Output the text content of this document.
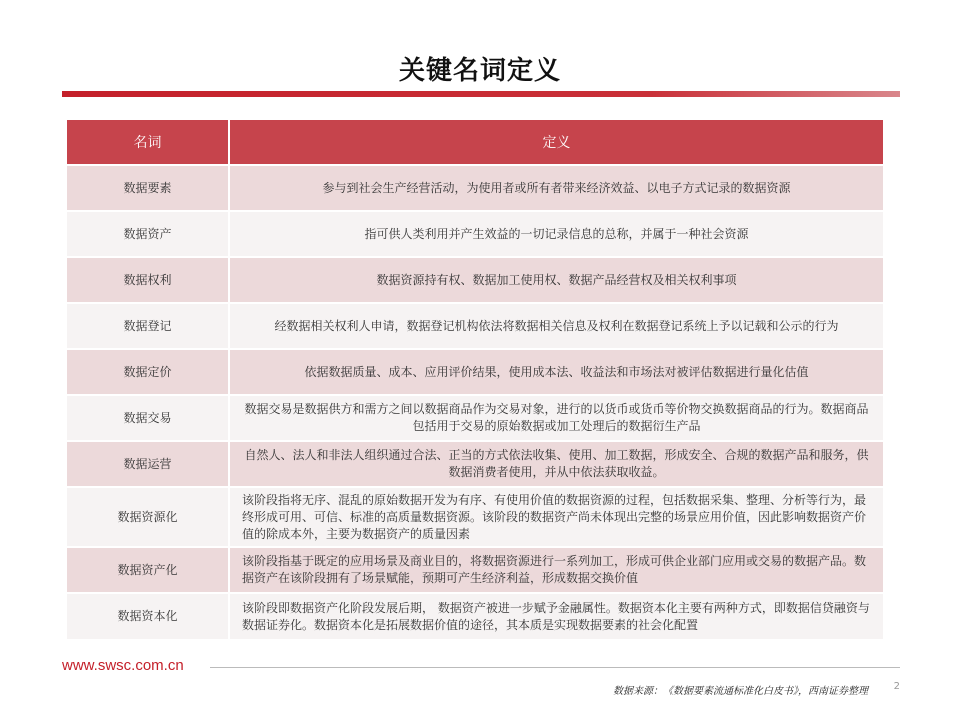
关键名词定义
名词	定义
数据要素	参与到社会生产经营活动，为使用者或所有者带来经济效益、以电子方式记录的数据资源
数据资产	指可供人类利用并产生效益的一切记录信息的总称，并属于一种社会资源
数据权利	数据资源持有权、数据加工使用权、数据产品经营权及相关权利事项
数据登记	经数据相关权利人申请，数据登记机构依法将数据相关信息及权利在数据登记系统上予以记载和公示的行为
数据定价	依据数据质量、成本、应用评价结果，使用成本法、收益法和市场法对被评估数据进行量化估值
数据交易	数据交易是数据供方和需方之间以数据商品作为交易对象，进行的以货币或货币等价物交换数据商品的行为。数据商品包括用于交易的原始数据或加工处理后的数据衍生产品
数据运营	自然人、法人和非法人组织通过合法、正当的方式依法收集、使用、加工数据，形成安全、合规的数据产品和服务，供数据消费者使用，并从中依法获取收益。
数据资源化	该阶段指将无序、混乱的原始数据开发为有序、有使用价值的数据资源的过程，包括数据采集、整理、分析等行为，最终形成可用、可信、标准的高质量数据资源。该阶段的数据资产尚未体现出完整的场景应用价值，因此影响数据资产价值的除成本外，主要为数据资产的质量因素
数据资产化	该阶段指基于既定的应用场景及商业目的，将数据资源进行一系列加工，形成可供企业部门应用或交易的数据产品。数据资产在该阶段拥有了场景赋能，预期可产生经济利益，形成数据交换价值
数据资本化	该阶段即数据资产化阶段发展后期， 数据资产被进一步赋予金融属性。数据资本化主要有两种方式，即数据信贷融资与数据证券化。数据资本化是拓展数据价值的途径，其本质是实现数据要素的社会化配置
www.swsc.com.cn
数据来源：《数据要素流通标准化白皮书》，西南证券整理	2
